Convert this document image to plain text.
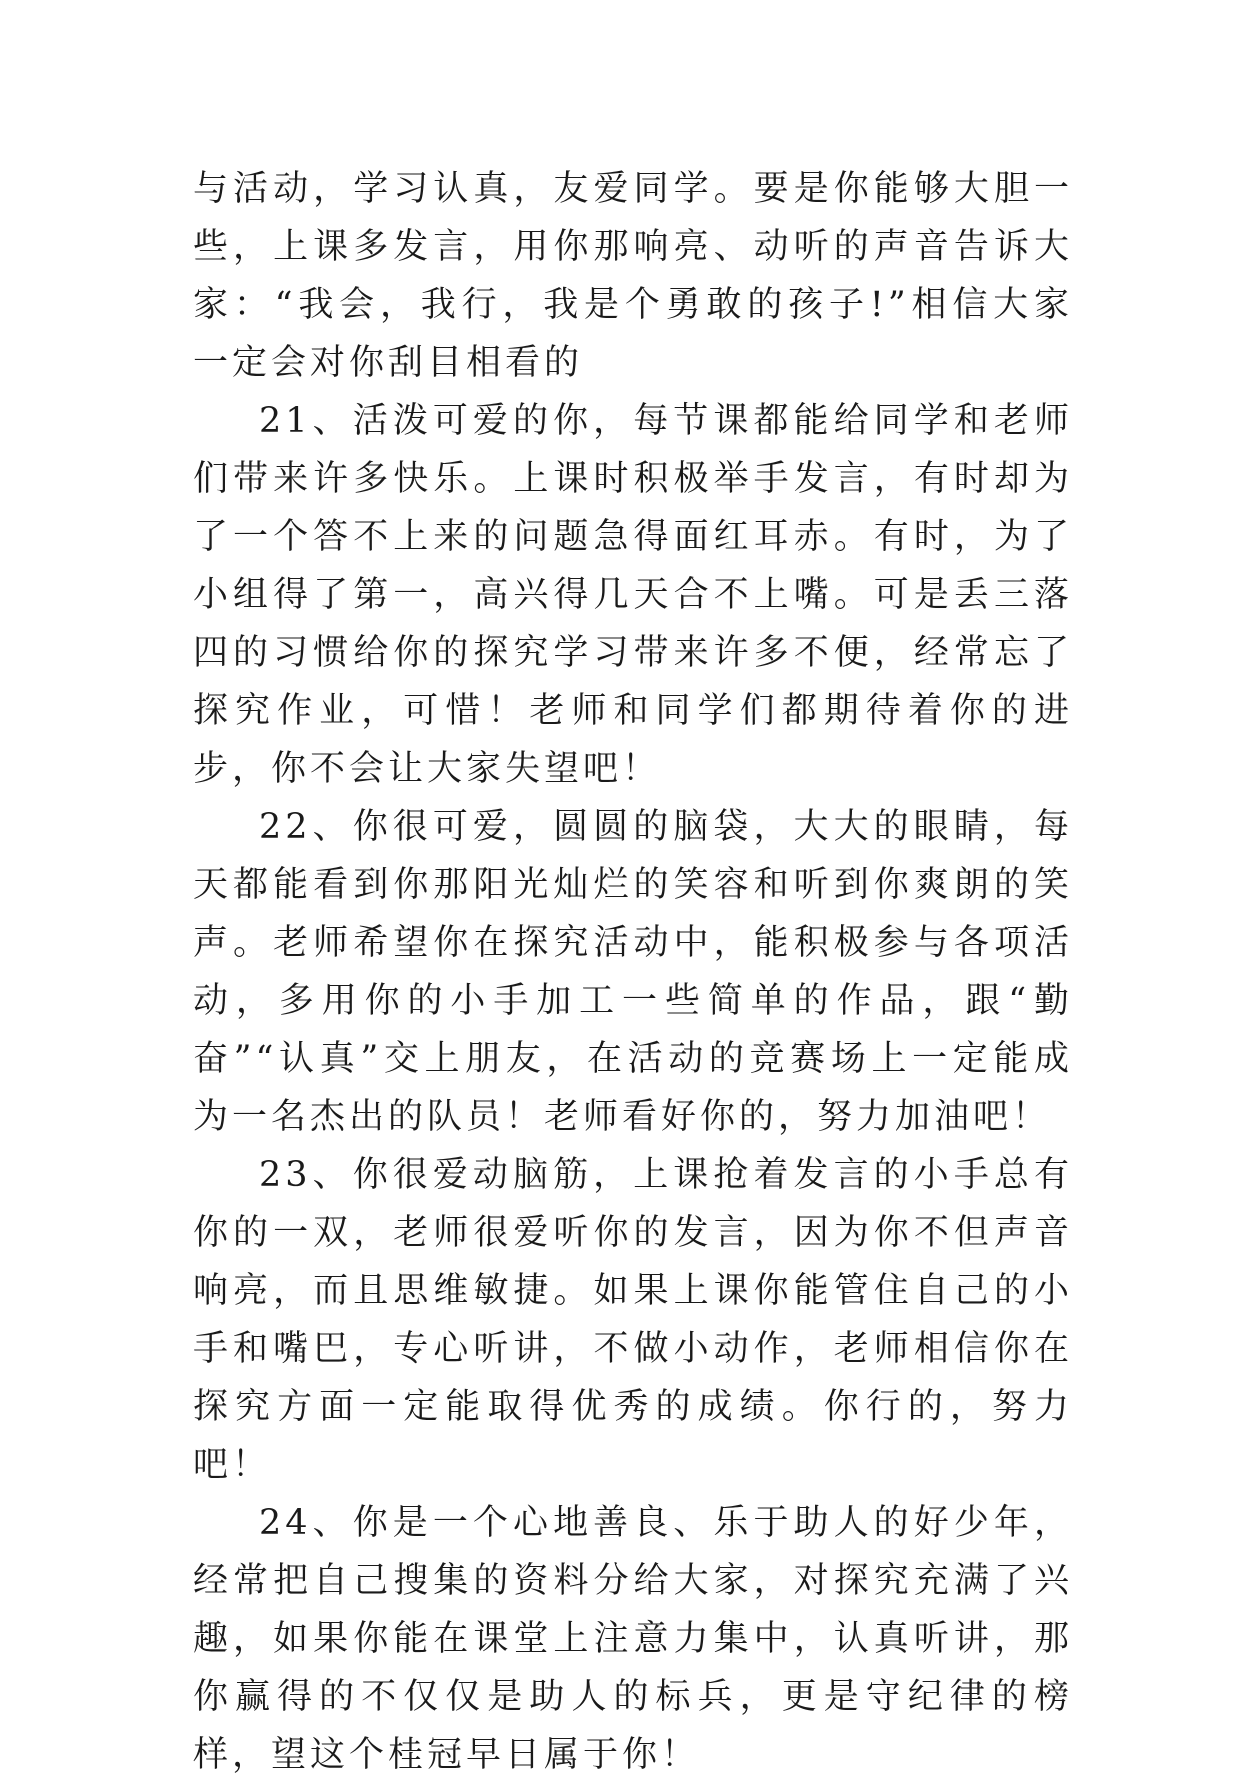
与活动，学习认真，友爱同学。要是你能够大胆一些，上课多发言，用你那响亮、动听的声音告诉大家：“我会，我行，我是个勇敢的孩子!”相信大家一定会对你刮目相看的

21、活泼可爱的你，每节课都能给同学和老师们带来许多快乐。上课时积极举手发言，有时却为了一个答不上来的问题急得面红耳赤。有时，为了小组得了第一，高兴得几天合不上嘴。可是丢三落四的习惯给你的探究学习带来许多不便，经常忘了探究作业，可惜！老师和同学们都期待着你的进步，你不会让大家失望吧！

22、你很可爱，圆圆的脑袋，大大的眼睛，每天都能看到你那阳光灿烂的笑容和听到你爽朗的笑声。老师希望你在探究活动中，能积极参与各项活动，多用你的小手加工一些简单的作品，跟“勤奋”“认真”交上朋友，在活动的竞赛场上一定能成为一名杰出的队员！老师看好你的，努力加油吧！

23、你很爱动脑筋，上课抢着发言的小手总有你的一双，老师很爱听你的发言，因为你不但声音响亮，而且思维敏捷。如果上课你能管住自己的小手和嘴巴，专心听讲，不做小动作，老师相信你在探究方面一定能取得优秀的成绩。你行的，努力吧！

24、你是一个心地善良、乐于助人的好少年，经常把自己搜集的资料分给大家，对探究充满了兴趣，如果你能在课堂上注意力集中，认真听讲，那你赢得的不仅仅是助人的标兵，更是守纪律的榜样，望这个桂冠早日属于你！
